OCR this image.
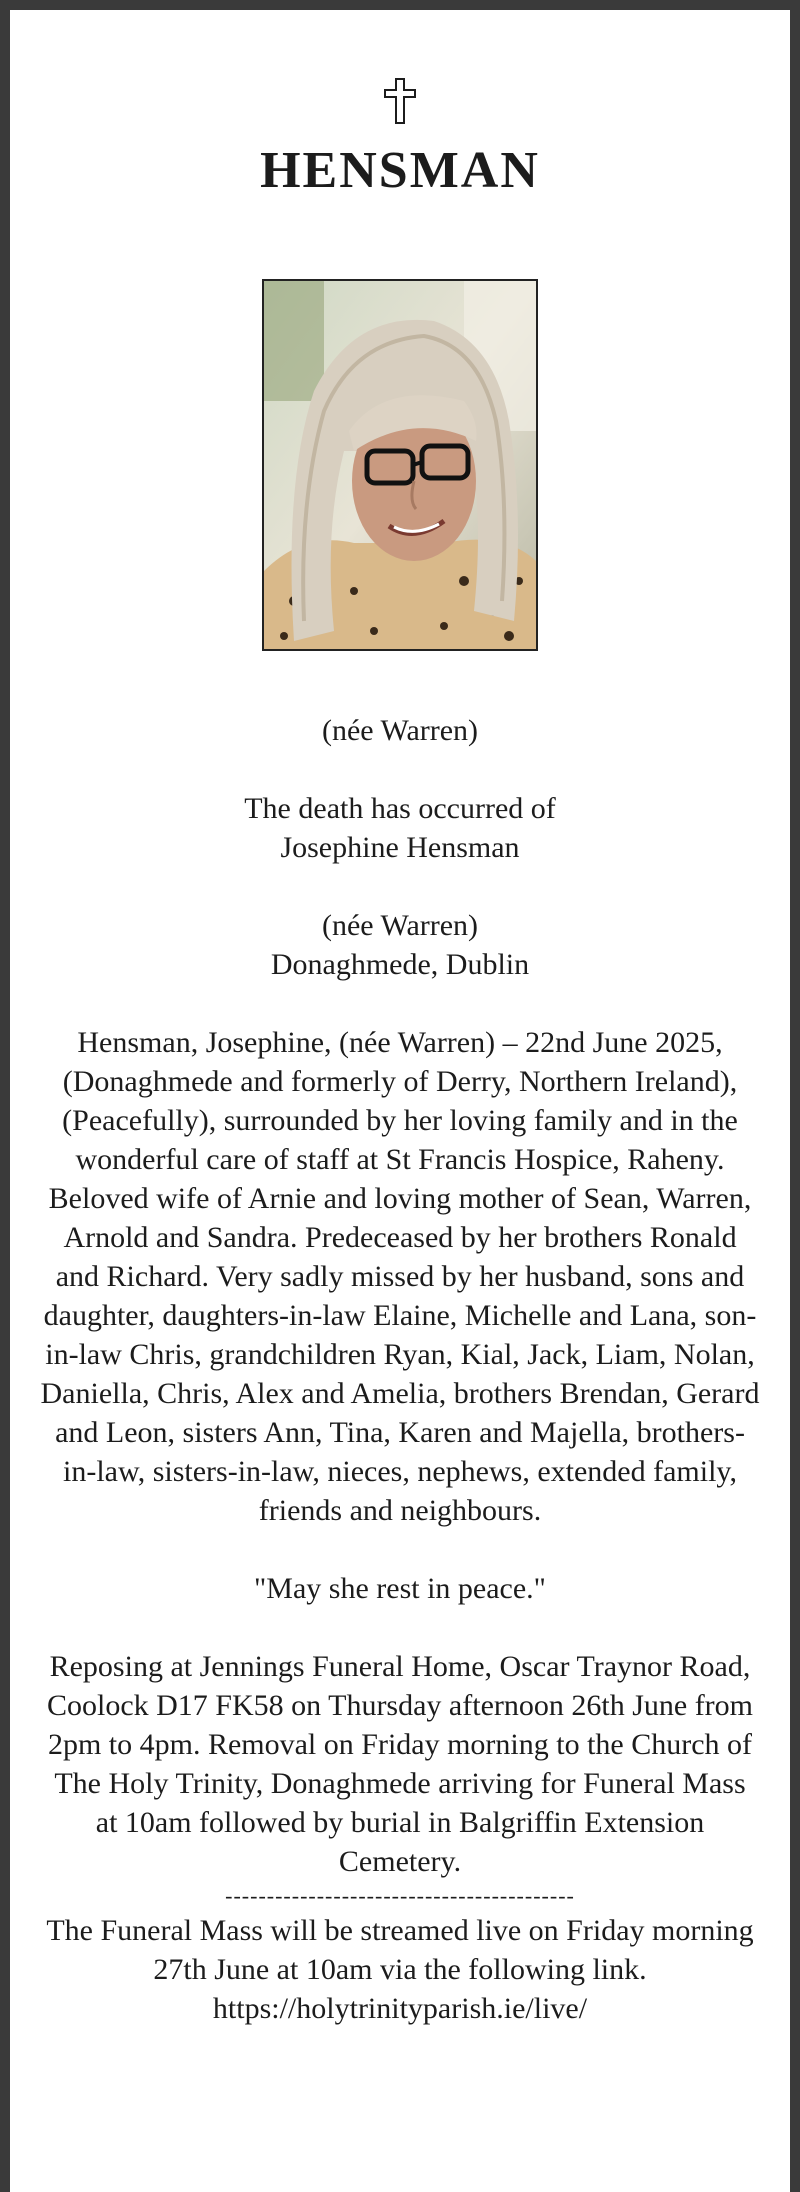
HENSMAN
(née Warren)
The death has occurred of
Josephine Hensman
(née Warren)
Donaghmede, Dublin
Hensman, Josephine, (née Warren) – 22nd June 2025, (Donaghmede and formerly of Derry, Northern Ireland), (Peacefully), surrounded by her loving family and in the wonderful care of staff at St Francis Hospice, Raheny. Beloved wife of Arnie and loving mother of Sean, Warren, Arnold and Sandra. Predeceased by her brothers Ronald and Richard. Very sadly missed by her husband, sons and daughter, daughters-in-law Elaine, Michelle and Lana, son-in-law Chris, grandchildren Ryan, Kial, Jack, Liam, Nolan, Daniella, Chris, Alex and Amelia, brothers Brendan, Gerard and Leon, sisters Ann, Tina, Karen and Majella, brothers-in-law, sisters-in-law, nieces, nephews, extended family, friends and neighbours.
"May she rest in peace."
Reposing at Jennings Funeral Home, Oscar Traynor Road, Coolock D17 FK58 on Thursday afternoon 26th June from 2pm to 4pm. Removal on Friday morning to the Church of The Holy Trinity, Donaghmede arriving for Funeral Mass at 10am followed by burial in Balgriffin Extension Cemetery.
------------------------------------------
The Funeral Mass will be streamed live on Friday morning 27th June at 10am via the following link.
https://holytrinityparish.ie/live/
